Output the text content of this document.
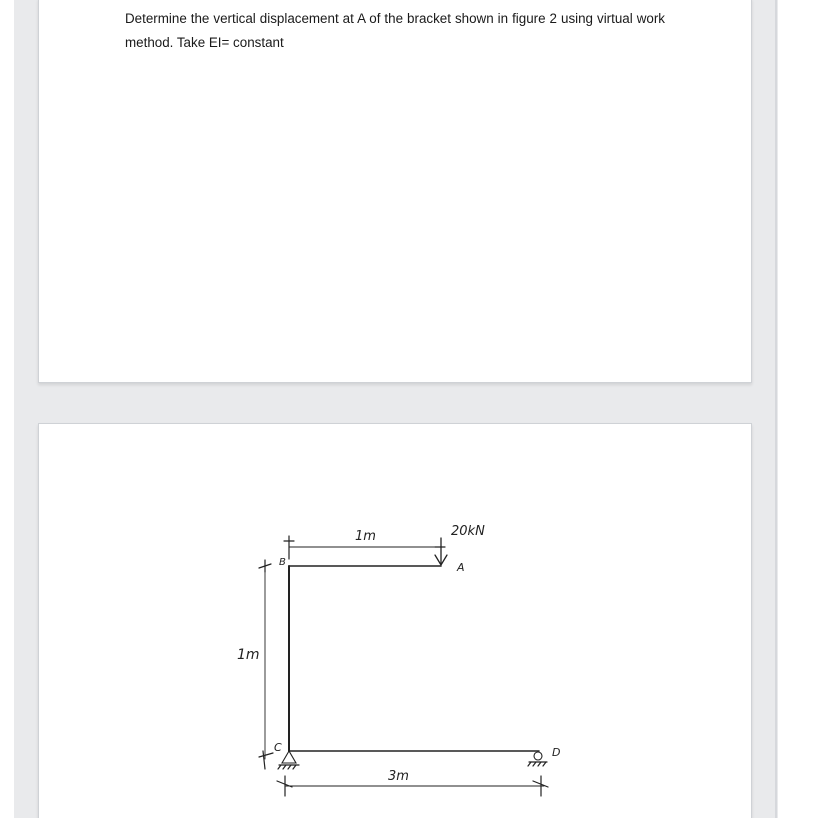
Determine the vertical displacement at A of the bracket shown in figure 2 using virtual work method. Take EI= constant

1m	20kN
A
B
C	D
1m
3m
